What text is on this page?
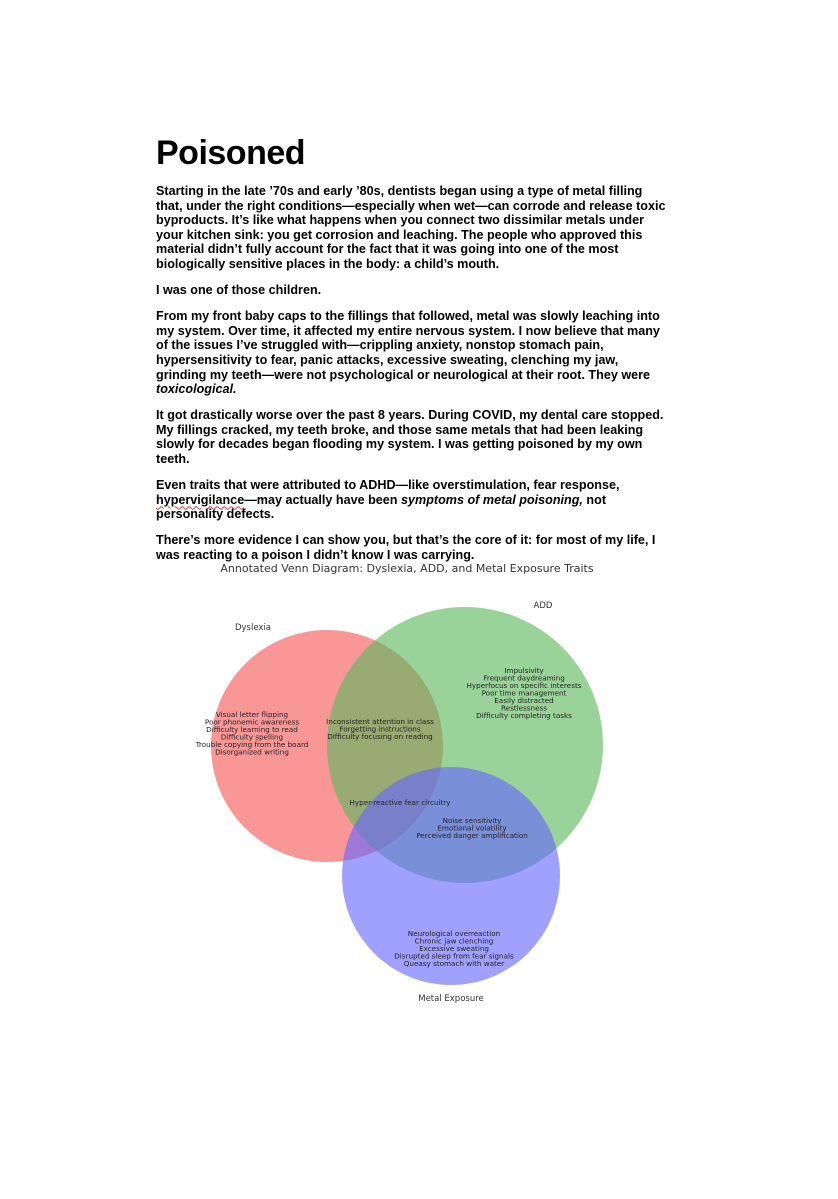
Poisoned

Starting in the late ’70s and early ’80s, dentists began using a type of metal filling that, under the right conditions—especially when wet—can corrode and release toxic byproducts. It’s like what happens when you connect two dissimilar metals under your kitchen sink: you get corrosion and leaching. The people who approved this material didn’t fully account for the fact that it was going into one of the most biologically sensitive places in the body: a child’s mouth.

I was one of those children.

From my front baby caps to the fillings that followed, metal was slowly leaching into my system. Over time, it affected my entire nervous system. I now believe that many of the issues I’ve struggled with—crippling anxiety, nonstop stomach pain, hypersensitivity to fear, panic attacks, excessive sweating, clenching my jaw, grinding my teeth—were not psychological or neurological at their root. They were toxicological.

It got drastically worse over the past 8 years. During COVID, my dental care stopped. My fillings cracked, my teeth broke, and those same metals that had been leaking slowly for decades began flooding my system. I was getting poisoned by my own teeth.

Even traits that were attributed to ADHD—like overstimulation, fear response, hypervigilance—may actually have been symptoms of metal poisoning, not personality defects.

There’s more evidence I can show you, but that’s the core of it: for most of my life, I was reacting to a poison I didn’t know I was carrying.

Annotated Venn Diagram: Dyslexia, ADD, and Metal Exposure Traits
Dyslexia
ADD
Metal Exposure
Visual letter flipping
Poor phonemic awareness
Difficulty learning to read
Difficulty spelling
Trouble copying from the board
Disorganized writing
Impulsivity
Frequent daydreaming
Hyperfocus on specific interests
Poor time management
Easily distracted
Restlessness
Difficulty completing tasks
Inconsistent attention in class
Forgetting instructions
Difficulty focusing on reading
Hyper-reactive fear circuitry
Noise sensitivity
Emotional volatility
Perceived danger amplification
Neurological overreaction
Chronic jaw clenching
Excessive sweating
Disrupted sleep from fear signals
Queasy stomach with water
